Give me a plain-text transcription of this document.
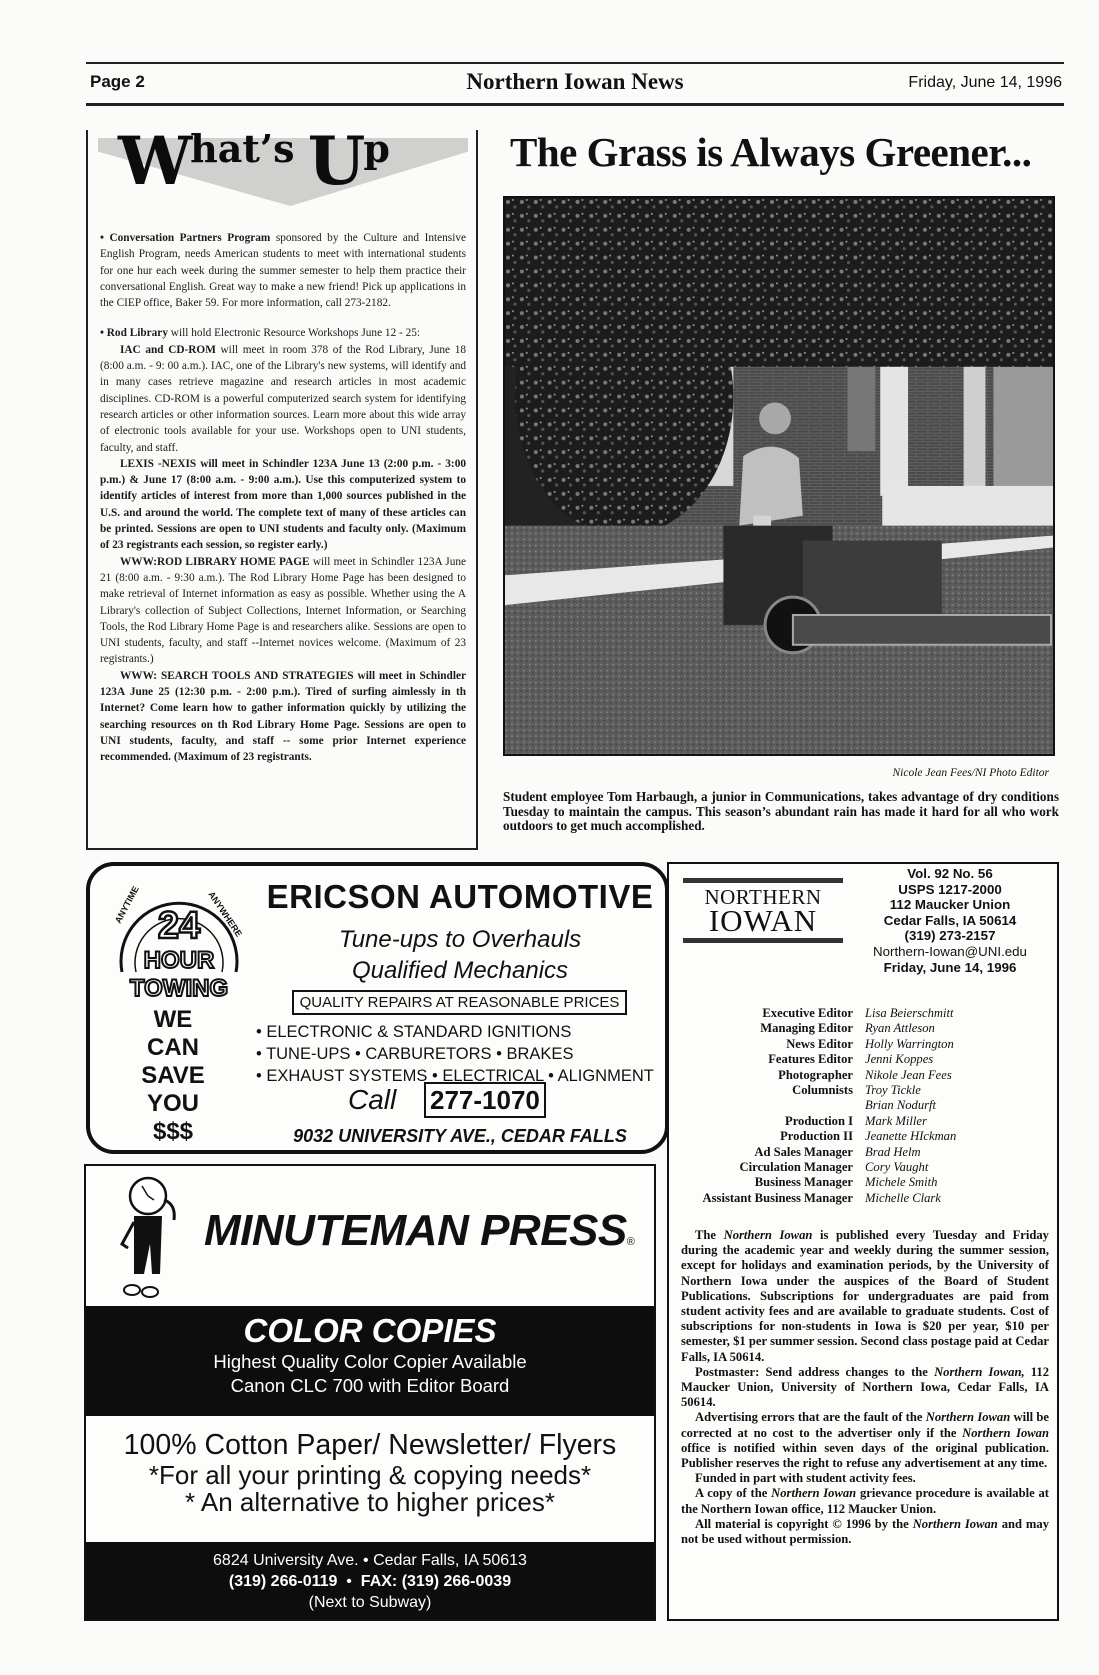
Page 2	Northern Iowan News	Friday, June 14, 1996
What’s Up

• Conversation Partners Program sponsored by the Culture and Intensive English Program, needs American students to meet with international students for one hur each week during the summer semester to help them practice their conversational English. Great way to make a new friend! Pick up applications in the CIEP office, Baker 59. For more information, call 273-2182.

• Rod Library will hold Electronic Resource Workshops June 12 - 25:

IAC and CD-ROM will meet in room 378 of the Rod Library, June 18 (8:00 a.m. - 9: 00 a.m.). IAC, one of the Library's new systems, will identify and in many cases retrieve magazine and research articles in most academic disciplines. CD-ROM is a powerful computerized search system for identifying research articles or other information sources. Learn more about this wide array of electronic tools available for your use. Workshops open to UNI students, faculty, and staff.

LEXIS -NEXIS will meet in Schindler 123A June 13 (2:00 p.m. - 3:00 p.m.) & June 17 (8:00 a.m. - 9:00 a.m.). Use this computerized system to identify articles of interest from more than 1,000 sources published in the U.S. and around the world. The complete text of many of these articles can be printed. Sessions are open to UNI students and faculty only. (Maximum of 23 registrants each session, so register early.)

WWW:ROD LIBRARY HOME PAGE will meet in Schindler 123A June 21 (8:00 a.m. - 9:30 a.m.). The Rod Library Home Page has been designed to make retrieval of Internet information as easy as possible. Whether using the A Library's collection of Subject Collections, Internet Information, or Searching Tools, the Rod Library Home Page is and researchers alike. Sessions are open to UNI students, faculty, and staff --Internet novices welcome. (Maximum of 23 registrants.)

WWW: SEARCH TOOLS AND STRATEGIES will meet in Schindler 123A June 25 (12:30 p.m. - 2:00 p.m.). Tired of surfing aimlessly in th Internet? Come learn how to gather information quickly by utilizing the searching resources on th Rod Library Home Page. Sessions are open to UNI students, faculty, and staff -- some prior Internet experience recommended. (Maximum of 23 registrants.

The Grass is Always Greener...
Nicole Jean Fees/NI Photo Editor

Student employee Tom Harbaugh, a junior in Communications, takes advantage of dry conditions Tuesday to maintain the campus. This season’s abundant rain has made it hard for all who work outdoors to get much accomplished.

24
HOUR
TOWING
ANYTIME	ANYWHERE
WE
CAN
SAVE
YOU
$$$
ERICSON AUTOMOTIVE
Tune-ups to Overhauls
Qualified Mechanics
QUALITY REPAIRS AT REASONABLE PRICES
• ELECTRONIC & STANDARD IGNITIONS
• TUNE-UPS • CARBURETORS • BRAKES
• EXHAUST SYSTEMS • ELECTRICAL • ALIGNMENT
Call 277-1070
9032 UNIVERSITY AVE., CEDAR FALLS
MINUTEMAN PRESS®
COLOR COPIES
Highest Quality Color Copier Available
Canon CLC 700 with Editor Board
100% Cotton Paper/ Newsletter/ Flyers
*For all your printing & copying needs*
* An alternative to higher prices*
6824 University Ave. • Cedar Falls, IA 50613
(319) 266-0119  •  FAX: (319) 266-0039
(Next to Subway)
NORTHERN
IOWAN
Vol. 92 No. 56
USPS 1217-2000
112 Maucker Union
Cedar Falls, IA 50614
(319) 273-2157
Northern-Iowan@UNI.edu
Friday, June 14, 1996
Executive Editor Lisa Beierschmitt
Managing Editor Ryan Attleson
News Editor Holly Warrington
Features Editor Jenni Koppes
Photographer Nikole Jean Fees
Columnists Troy Tickle
Brian Nodurft
Production I Mark Miller
Production II Jeanette HIckman
Ad Sales Manager Brad Helm
Circulation Manager Cory Vaught
Business Manager Michele Smith
Assistant Business Manager Michelle Clark

The Northern Iowan is published every Tuesday and Friday during the academic year and weekly during the summer session, except for holidays and examination periods, by the University of Northern Iowa under the auspices of the Board of Student Publications. Subscriptions for undergraduates are paid from student activity fees and are available to graduate students. Cost of subscriptions for non-students in Iowa is $20 per year, $10 per semester, $1 per summer session. Second class postage paid at Cedar Falls, IA 50614.

Postmaster: Send address changes to the Northern Iowan, 112 Maucker Union, University of Northern Iowa, Cedar Falls, IA 50614.

Advertising errors that are the fault of the Northern Iowan will be corrected at no cost to the advertiser only if the Northern Iowan office is notified within seven days of the original publication. Publisher reserves the right to refuse any advertisement at any time.

Funded in part with student activity fees.

A copy of the Northern Iowan grievance procedure is available at the Northern Iowan office, 112 Maucker Union.

All material is copyright © 1996 by the Northern Iowan and may not be used without permission.
